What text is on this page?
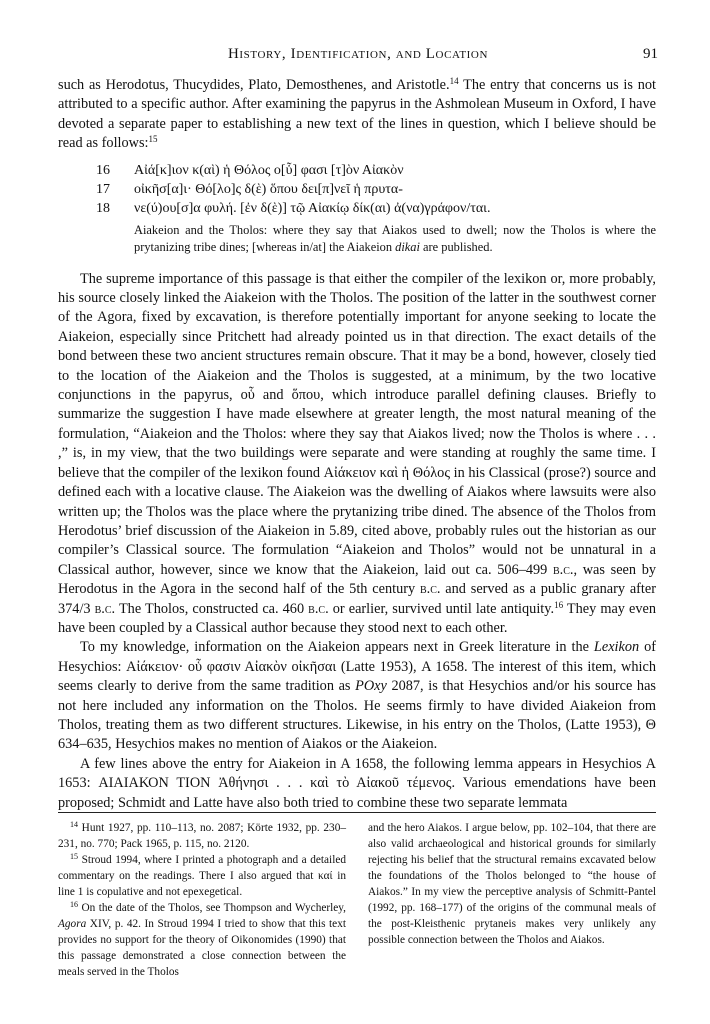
History, Identification, and Location	91

such as Herodotus, Thucydides, Plato, Demosthenes, and Aristotle.$^{14}$ The entry that concerns us is not attributed to a specific author. After examining the papyrus in the Ashmolean Museum in Oxford, I have devoted a separate paper to establishing a new text of the lines in question, which I believe should be read as follows:$^{15}$

16 Αἰά[κ]ιον κ(αὶ) ἡ Θόλος ο[ὗ] φασι [τ]ὸν Αἰακὸν
17 οἰκῆσ[α]ι· Θό[λο]ς δ(ὲ) ὅπου δει[π]νεῖ ἡ πρυτα-
18 νε(ύ)ου[σ]α φυλή. [ἐν δ(ὲ)] τῷ Αἰακίῳ δίκ(αι) ἀ(να)γράφον/ται.
Aiakeion and the Tholos: where they say that Aiakos used to dwell; now the Tholos is where the prytanizing tribe dines; [whereas in/at] the Aiakeion dikai are published.

The supreme importance of this passage is that either the compiler of the lexikon or, more probably, his source closely linked the Aiakeion with the Tholos. The position of the latter in the southwest corner of the Agora, fixed by excavation, is therefore potentially important for anyone seeking to locate the Aiakeion, especially since Pritchett had already pointed us in that direction. The exact details of the bond between these two ancient structures remain obscure. That it may be a bond, however, closely tied to the location of the Aiakeion and the Tholos is suggested, at a minimum, by the two locative conjunctions in the papyrus, οὗ and ὅπου, which introduce parallel defining clauses. Briefly to summarize the suggestion I have made elsewhere at greater length, the most natural meaning of the formulation, “Aiakeion and the Tholos: where they say that Aiakos lived; now the Tholos is where . . . ,” is, in my view, that the two buildings were separate and were standing at roughly the same time. I believe that the compiler of the lexikon found Αἰάκειον καὶ ἡ Θόλος in his Classical (prose?) source and defined each with a locative clause. The Aiakeion was the dwelling of Aiakos where lawsuits were also written up; the Tholos was the place where the prytanizing tribe dined. The absence of the Tholos from Herodotus’ brief discussion of the Aiakeion in 5.89, cited above, probably rules out the historian as our compiler’s Classical source. The formulation “Aiakeion and Tholos” would not be unnatural in a Classical author, however, since we know that the Aiakeion, laid out ca. 506–499 b.c., was seen by Herodotus in the Agora in the second half of the 5th century b.c. and served as a public granary after 374/3 b.c. The Tholos, constructed ca. 460 b.c. or earlier, survived until late antiquity.$^{16}$ They may even have been coupled by a Classical author because they stood next to each other.

To my knowledge, information on the Aiakeion appears next in Greek literature in the Lexikon of Hesychios: Αἰάκειον· οὗ φασιν Αἰακὸν οἰκῆσαι (Latte 1953), A 1658. The interest of this item, which seems clearly to derive from the same tradition as POxy 2087, is that Hesychios and/or his source has not here included any information on the Tholos. He seems firmly to have divided Aiakeion from Tholos, treating them as two different structures. Likewise, in his entry on the Tholos, (Latte 1953), Θ 634–635, Hesychios makes no mention of Aiakos or the Aiakeion.

A few lines above the entry for Aiakeion in A 1658, the following lemma appears in Hesychios A 1653: ΑΙΑΙΑΚΟΝ ΤΙΟΝ Ἀθήνησι . . . καὶ τὸ Αἰακοῦ τέμενος. Various emendations have been proposed; Schmidt and Latte have also both tried to combine these two separate lemmata

$^{14}$ Hunt 1927, pp. 110–113, no. 2087; Körte 1932, pp. 230–231, no. 770; Pack 1965, p. 115, no. 2120.

$^{15}$ Stroud 1994, where I printed a photograph and a detailed commentary on the readings. There I also argued that καί in line 1 is copulative and not epexegetical.

$^{16}$ On the date of the Tholos, see Thompson and Wycherley, Agora XIV, p. 42. In Stroud 1994 I tried to show that this text provides no support for the theory of Oikonomides (1990) that this passage demonstrated a close connection between the meals served in the Tholos

and the hero Aiakos. I argue below, pp. 102–104, that there are also valid archaeological and historical grounds for similarly rejecting his belief that the structural remains excavated below the foundations of the Tholos belonged to “the house of Aiakos.” In my view the perceptive analysis of Schmitt-Pantel (1992, pp. 168–177) of the origins of the communal meals of the post-Kleisthenic prytaneis makes very unlikely any possible connection between the Tholos and Aiakos.
